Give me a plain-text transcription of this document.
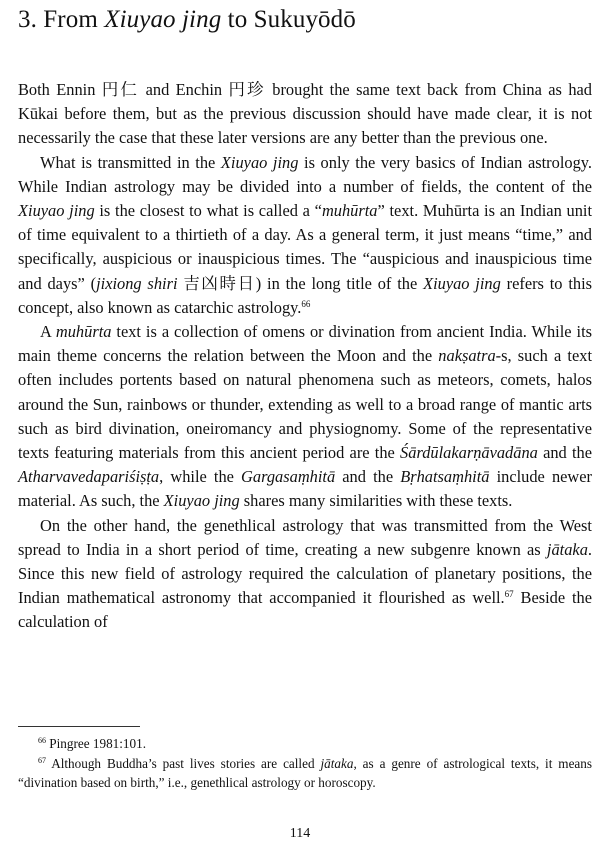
3. From Xiuyao jing to Sukuyōdō

Both Ennin 円仁 and Enchin 円珍 brought the same text back from China as had Kūkai before them, but as the previous discussion should have made clear, it is not necessarily the case that these later versions are any better than the previous one.

What is transmitted in the Xiuyao jing is only the very basics of Indian astrology. While Indian astrology may be divided into a number of fields, the content of the Xiuyao jing is the closest to what is called a “muhūrta” text. Muhūrta is an Indian unit of time equivalent to a thirtieth of a day. As a general term, it just means “time,” and specifically, auspicious or inauspicious times. The “auspicious and inauspicious time and days” (jixiong shiri 吉凶時日) in the long title of the Xiuyao jing refers to this concept, also known as catarchic astrology.$^{66}$

A muhūrta text is a collection of omens or divination from ancient India. While its main theme concerns the relation between the Moon and the nakṣatra-s, such a text often includes portents based on natural phenomena such as meteors, comets, halos around the Sun, rainbows or thunder, extending as well to a broad range of mantic arts such as bird divination, oneiromancy and physiognomy. Some of the representative texts featuring materials from this ancient period are the Śārdūlakarṇāvadāna and the Atharvavedapariśiṣṭa, while the Gargasaṃhitā and the Bṛhatsaṃhitā include newer material. As such, the Xiuyao jing shares many similarities with these texts.

On the other hand, the genethlical astrology that was transmitted from the West spread to India in a short period of time, creating a new subgenre known as jātaka. Since this new field of astrology required the calculation of planetary positions, the Indian mathematical astronomy that accompanied it flourished as well.$^{67}$ Beside the calculation of

$^{66}$ Pingree 1981:101.

$^{67}$ Although Buddha’s past lives stories are called jātaka, as a genre of astrological texts, it means “divination based on birth,” i.e., genethlical astrology or horoscopy.

114
